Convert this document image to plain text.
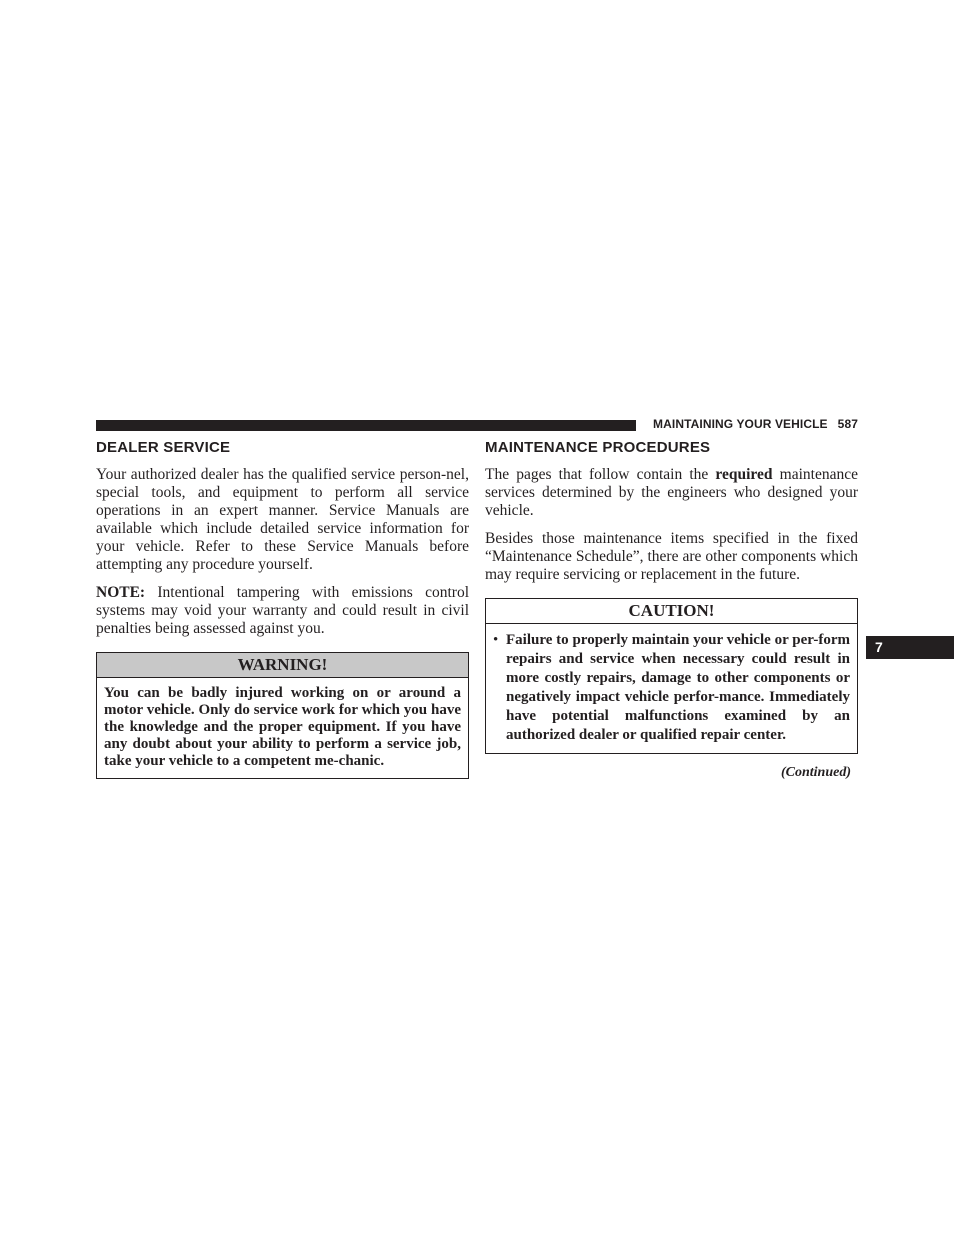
MAINTAINING YOUR VEHICLE 587
DEALER SERVICE

Your authorized dealer has the qualified service person-nel, special tools, and equipment to perform all service operations in an expert manner. Service Manuals are available which include detailed service information for your vehicle. Refer to these Service Manuals before attempting any procedure yourself.

NOTE: Intentional tampering with emissions control systems may void your warranty and could result in civil penalties being assessed against you.

WARNING!
You can be badly injured working on or around a motor vehicle. Only do service work for which you have the knowledge and the proper equipment. If you have any doubt about your ability to perform a service job, take your vehicle to a competent me-chanic.
MAINTENANCE PROCEDURES

The pages that follow contain the required maintenance services determined by the engineers who designed your vehicle.

Besides those maintenance items specified in the fixed “Maintenance Schedule”, there are other components which may require servicing or replacement in the future.

CAUTION!
• Failure to properly maintain your vehicle or per-form repairs and service when necessary could result in more costly repairs, damage to other components or negatively impact vehicle perfor-mance. Immediately have potential malfunctions examined by an authorized dealer or qualified repair center.
(Continued)
7
